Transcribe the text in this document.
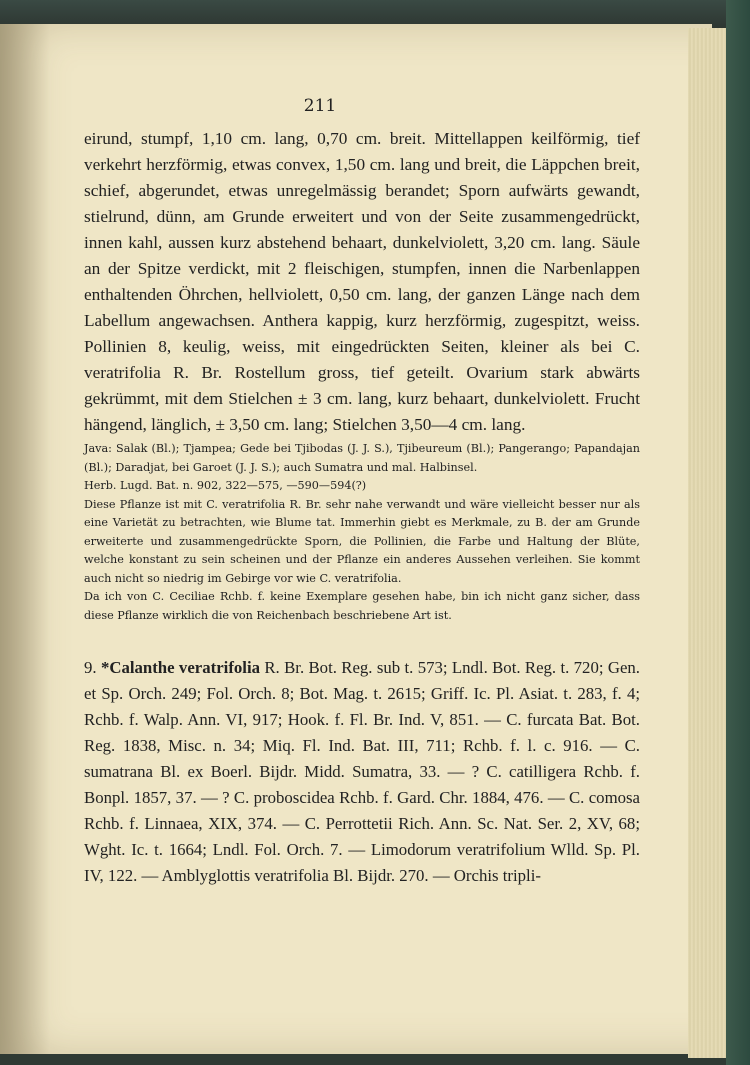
211

eirund, stumpf, 1,10 cm. lang, 0,70 cm. breit. Mittellappen keilförmig, tief verkehrt herzförmig, etwas convex, 1,50 cm. lang und breit, die Läppchen breit, schief, abgerundet, etwas unregelmässig berandet; Sporn aufwärts gewandt, stielrund, dünn, am Grunde erweitert und von der Seite zusammengedrückt, innen kahl, aussen kurz abstehend behaart, dunkelviolett, 3,20 cm. lang. Säule an der Spitze verdickt, mit 2 fleischigen, stumpfen, innen die Narbenlappen enthaltenden Öhrchen, hellviolett, 0,50 cm. lang, der ganzen Länge nach dem Labellum angewachsen. Anthera kappig, kurz herzförmig, zugespitzt, weiss. Pollinien 8, keulig, weiss, mit eingedrückten Seiten, kleiner als bei C. veratrifolia R. Br. Rostellum gross, tief geteilt. Ovarium stark abwärts gekrümmt, mit dem Stielchen ± 3 cm. lang, kurz behaart, dunkelviolett. Frucht hängend, länglich, ± 3,50 cm. lang; Stielchen 3,50—4 cm. lang.

Java: Salak (Bl.); Tjampea; Gede bei Tjibodas (J. J. S.), Tjibeureum (Bl.); Pangerango; Papandajan (Bl.); Daradjat, bei Garoet (J. J. S.); auch Sumatra und mal. Halbinsel.

Herb. Lugd. Bat. n. 902, 322—575, —590—594(?)

Diese Pflanze ist mit C. veratrifolia R. Br. sehr nahe verwandt und wäre vielleicht besser nur als eine Varietät zu betrachten, wie Blume tat. Immerhin giebt es Merkmale, zu B. der am Grunde erweiterte und zusammengedrückte Sporn, die Pollinien, die Farbe und Haltung der Blüte, welche konstant zu sein scheinen und der Pflanze ein anderes Aussehen verleihen. Sie kommt auch nicht so niedrig im Gebirge vor wie C. veratrifolia.

Da ich von C. Ceciliae Rchb. f. keine Exemplare gesehen habe, bin ich nicht ganz sicher, dass diese Pflanze wirklich die von Reichenbach beschriebene Art ist.

9. *Calanthe veratrifolia R. Br. Bot. Reg. sub t. 573; Lndl. Bot. Reg. t. 720; Gen. et Sp. Orch. 249; Fol. Orch. 8; Bot. Mag. t. 2615; Griff. Ic. Pl. Asiat. t. 283, f. 4; Rchb. f. Walp. Ann. VI, 917; Hook. f. Fl. Br. Ind. V, 851. — C. furcata Bat. Bot. Reg. 1838, Misc. n. 34; Miq. Fl. Ind. Bat. III, 711; Rchb. f. l. c. 916. — C. sumatrana Bl. ex Boerl. Bijdr. Midd. Sumatra, 33. — ? C. catilligera Rchb. f. Bonpl. 1857, 37. — ? C. proboscidea Rchb. f. Gard. Chr. 1884, 476. — C. comosa Rchb. f. Linnaea, XIX, 374. — C. Perrottetii Rich. Ann. Sc. Nat. Ser. 2, XV, 68; Wght. Ic. t. 1664; Lndl. Fol. Orch. 7. — Limodorum veratrifolium Wlld. Sp. Pl. IV, 122. — Amblyglottis veratrifolia Bl. Bijdr. 270. — Orchis tripli-
